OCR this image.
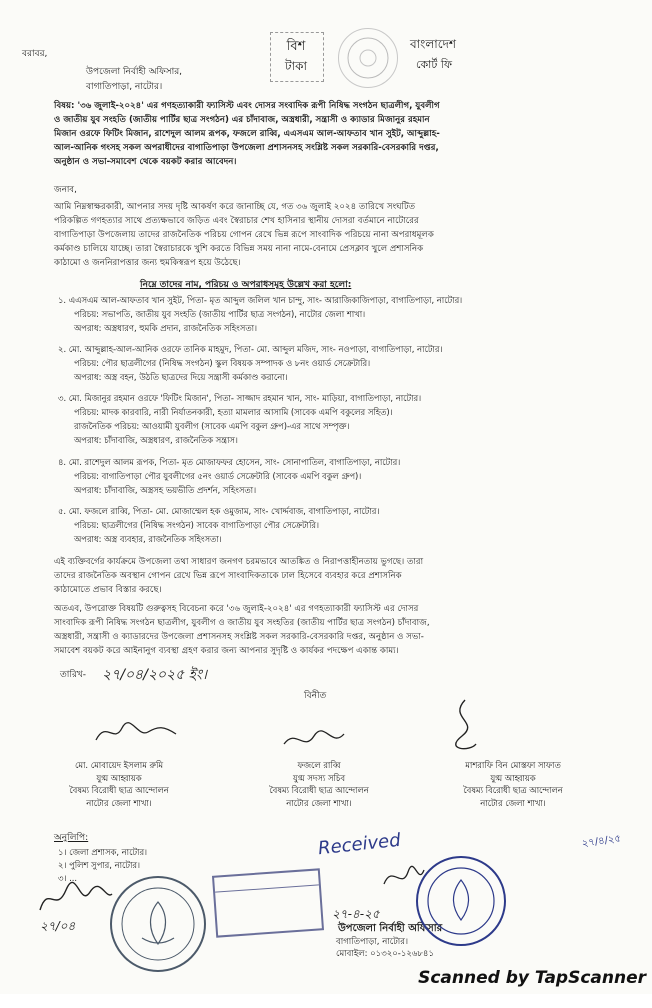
বরাবর,
উপজেলা নির্বাহী অফিসার,
বাগাতিপাড়া, নাটোর।
বিশ
টাকা
বাংলাদেশ
কোর্ট ফি
বিষয়: '৩৬ জুলাই-২০২৪' এর গণহত্যাকারী ফ্যাসিস্ট এবং দোসর সংবাদিক রূপী নিষিদ্ধ সংগঠন ছাত্রলীগ, যুবলীগ
ও জাতীয় যুব সংহতি (জাতীয় পার্টির ছাত্র সংগঠন) এর চাঁদাবাজ, অস্ত্রধারী, সন্ত্রাসী ও ক্যাডার মিজানুর রহমান
মিজান ওরফে ফিটিং মিজান, রাশেদুল আলম রূপক, ফজলে রাব্বি, এএসএম আল-আফতাব খান সুইট, আব্দুল্লাহ-
আল-আনিক গংসহ সকল অপরাধীদের বাগাতিপাড়া উপজেলা প্রশাসনসহ সংশ্লিষ্ট সকল সরকারি-বেসরকারি দপ্তর,
অনুষ্ঠান ও সভা-সমাবেশ থেকে বয়কট করার আবেদন।
জনাব,
আমি নিম্নস্বাক্ষরকারী, আপনার সদয় দৃষ্টি আকর্ষণ করে জানাচ্ছি যে, গত ৩৬ জুলাই ২০২৪ তারিখে সংঘটিত
পরিকল্পিত গণহত্যার সাথে প্রত্যক্ষভাবে জড়িত এবং স্বৈরাচার শেখ হাসিনার স্থানীয় দোসরা বর্তমানে নাটোরের
বাগাতিপাড়া উপজেলায় তাদের রাজনৈতিক পরিচয় গোপন রেখে ভিন্ন রূপে সাংবাদিক পরিচয়ে নানা অপরাধমূলক
কর্মকাণ্ড চালিয়ে যাচ্ছে। তারা স্বৈরাচারকে খুশি করতে বিভিন্ন সময় নানা নামে-বেনামে প্রেসক্লাব খুলে প্রশাসনিক
কাঠামো ও জননিরাপত্তার জন্য হুমকিস্বরূপ হয়ে উঠেছে।
নিম্নে তাদের নাম, পরিচয় ও অপরাধসমূহ উল্লেখ করা হলো:
১. এএসএম আল-আফতাব খান সুইট, পিতা- মৃত আব্দুল জলিল খান চান্দু, সাং- আরাজিকাজিপাড়া, বাগাতিপাড়া, নাটোর।
পরিচয়: সভাপতি, জাতীয় যুব সংহতি (জাতীয় পার্টির ছাত্র সংগঠন), নাটোর জেলা শাখা।
অপরাধ: অস্ত্রধারণ, হুমকি প্রদান, রাজনৈতিক সহিংসতা।
২. মো. আব্দুল্লাহ-আল-আনিক ওরফে তানিক মাহমুদ, পিতা- মো. আব্দুল মজিদ, সাং- নওপাড়া, বাগাতিপাড়া, নাটোর।
পরিচয়: পৌর ছাত্রলীগের (নিষিদ্ধ সংগঠন) স্কুল বিষয়ক সম্পাদক ও ৮নং ওয়ার্ড সেক্রেটারি।
অপরাধ: অস্ত্র বহন, উঠতি ছাত্রদের দিয়ে সন্ত্রাসী কর্মকাণ্ড করানো।
৩. মো. মিজানুর রহমান ওরফে 'ফিটিং মিজান', পিতা- সাজ্জাদ রহমান খান, সাং- মাড়িয়া, বাগাতিপাড়া, নাটোর।
পরিচয়: মাদক কারবারি, নারী নির্যাতনকারী, হত্যা মামলার আসামি (সাবেক এমপি বকুলের সহিত)।
রাজনৈতিক পরিচয়: আওয়ামী যুবলীগ (সাবেক এমপি বকুল গ্রুপ)-এর সাথে সম্পৃক্ত।
অপরাধ: চাঁদাবাজি, অস্ত্রধারণ, রাজনৈতিক সন্ত্রাস।
৪. মো. রাশেদুল আলম রূপক, পিতা- মৃত মোজাফফর হোসেন, সাং- সোনাপাতিল, বাগাতিপাড়া, নাটোর।
পরিচয়: বাগাতিপাড়া পৌর যুবলীগের ৫নং ওয়ার্ড সেক্রেটারি (সাবেক এমপি বকুল গ্রুপ)।
অপরাধ: চাঁদাবাজি, অস্ত্রসহ ভয়ভীতি প্রদর্শন, সহিংসতা।
৫. মো. ফজলে রাব্বি, পিতা- মো. মোজাম্মেল হক ওমুজাম, সাং- খোর্দ্দবাজ, বাগাতিপাড়া, নাটোর।
পরিচয়: ছাত্রলীগের (নিষিদ্ধ সংগঠন) সাবেক বাগাতিপাড়া পৌর সেক্রেটারি।
অপরাধ: অস্ত্র ব্যবহার, রাজনৈতিক সহিংসতা।
এই ব্যক্তিবর্গের কার্যক্রমে উপজেলা তথা সাধারণ জনগণ চরমভাবে আতঙ্কিত ও নিরাপত্তাহীনতায় ভুগছে। তারা
তাদের রাজনৈতিক অবস্থান গোপন রেখে ভিন্ন রূপে সাংবাদিকতাকে ঢাল হিসেবে ব্যবহার করে প্রশাসনিক
কাঠামোতে প্রভাব বিস্তার করছে।
অতএব, উপরোক্ত বিষয়টি গুরুত্বসহ বিবেচনা করে '৩৬ জুলাই-২০২৪' এর গণহত্যাকারী ফ্যাসিস্ট এর দোসর
সাংবাদিক রূপী নিষিদ্ধ সংগঠন ছাত্রলীগ, যুবলীগ ও জাতীয় যুব সংহতির (জাতীয় পার্টির ছাত্র সংগঠন) চাঁদাবাজ,
অস্ত্রধারী, সন্ত্রাসী ও ক্যাডারদের উপজেলা প্রশাসনসহ সংশ্লিষ্ট সকল সরকারি-বেসরকারি দপ্তর, অনুষ্ঠান ও সভা-
সমাবেশ বয়কট করে আইনানুগ ব্যবস্থা গ্রহণ করার জন্য আপনার সুদৃষ্টি ও কার্যকর পদক্ষেপ একান্ত কাম্য।
তারিখ- ২৭/০৪/২০২৫ ইং।
বিনীত
মো. মোবায়েদ ইসলাম রুমি
যুগ্ম আহ্বায়ক
বৈষম্য বিরোধী ছাত্র আন্দোলন
নাটোর জেলা শাখা।
ফজলে রাব্বি
যুগ্ম সদস্য সচিব
বৈষম্য বিরোধী ছাত্র আন্দোলন
নাটোর জেলা শাখা।
মাশরাফি বিন মোস্তফা সাফাত
যুগ্ম আহ্বায়ক
বৈষম্য বিরোধী ছাত্র আন্দোলন
নাটোর জেলা শাখা।
অনুলিপি:
১। জেলা প্রশাসক, নাটোর।
২। পুলিশ সুপার, নাটোর।
৩। ...
Received	২৭/৪/২৫
২৭/০৪
২৭-৪-২৫
উপজেলা নির্বাহী অফিসার
বাগাতিপাড়া, নাটোর।
মোবাইল: ০১৩২০-১২৬৮৪১
Scanned by TapScanner
